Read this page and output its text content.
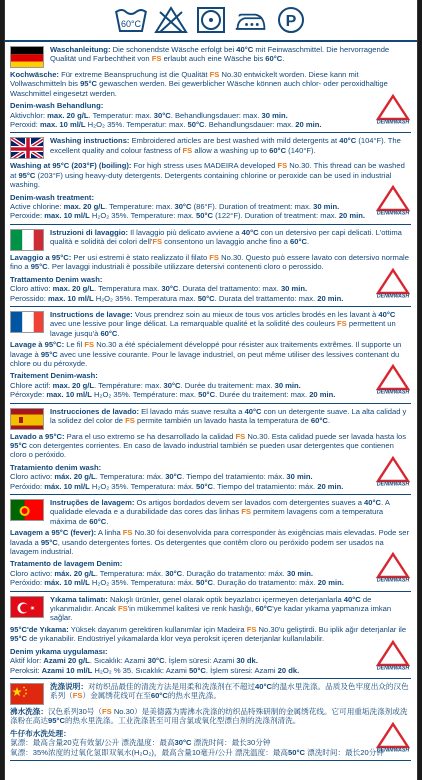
60°C	P
Waschanleitung: Die schonendste Wäsche erfolgt bei 40°C mit Feinwaschmittel. Die hervorragende Qualität und Farbechtheit von FS erlaubt auch eine Wäsche bis 60°C.
Kochwäsche: Für extreme Beanspruchung ist die Qualität FS No.30 entwickelt worden. Diese kann mit Vollwaschmitteln bis 95°C gewaschen werden. Bei gewerblicher Wäsche können auch chlor- oder peroxidhaltige Waschmittel eingesetzt werden.
Denim-wash Behandlung:
Aktivchlor: max. 20 g/L. Temperatur: max. 30°C. Behandlungsdauer: max. 30 min.
Peroxid: max. 10 ml/L H₂O₂ 35%. Temperatur: max. 50°C. Behandlungsdauer: max. 20 min.	DENIMWASH
Washing instructions: Embroidered articles are best washed with mild detergents at 40°C (104°F). The excellent quality and colour fastness of FS allow a washing up to 60°C (140°F).
Washing at 95°C (203°F) (boiling): For high stress uses MADEIRA developed FS No.30. This thread can be washed at 95°C (203°F) using heavy-duty detergents. Detergents containing chlorine or peroxide can be used in industrial washing.
Denim-wash treatment:
Active chlorine: max. 20 g/L. Temperature: max. 30°C (86°F). Duration of treatment: max. 30 min.
Peroxide: max. 10 ml/L H₂O₂ 35%. Temperature: max. 50°C (122°F). Duration of treatment: max. 20 min.	DENIMWASH
Istruzioni di lavaggio: Il lavaggio più delicato avviene a 40°C con un detersivo per capi delicati. L'ottima qualità e solidità dei colori dell'FS consentono un lavaggio anche fino a 60°C.
Lavaggio a 95°C: Per usi estremi è stato realizzato il filato FS No.30. Questo può essere lavato con detersivo normale fino a 95°C. Per lavaggi industriali è possibile utilizzare detersivi contenenti cloro o perossido.
Trattamento Denim wash:
Cloro attivo: max. 20 g/L. Temperatura max. 30°C. Durata del trattamento: max. 30 min.
Perossido: max. 10 ml/L H₂O₂ 35%. Temperatura max. 50°C. Durata del trattamento: max. 20 min.	DENIMWASH
Instructions de lavage: Vous prendrez soin au mieux de tous vos articles brodés en les lavant à 40°C avec une lessive pour linge délicat. La remarquable qualité et la solidité des couleurs FS permettent un lavage jusqu'à 60°C.
Lavage à 95°C: Le fil FS No.30 a été spécialement développé pour résister aux traitements extrêmes. Il supporte un lavage à 95°C avec une lessive courante. Pour le lavage industriel, on peut même utiliser des lessives contenant du chlore ou du péroxyde.
Traitement Denim-wash:
Chlore actif: max. 20 g/L. Température: max. 30°C. Durée du traitement: max. 30 min.
Péroxyde: max. 10 ml/L H₂O₂ 35%. Température: max. 50°C. Durée du traitement: max. 20 min.	DENIMWASH
Instrucciones de lavado: El lavado más suave resulta a 40°C con un detergente suave. La alta calidad y la solidez del color de FS permite también un lavado hasta la temperatura de 60°C.
Lavado a 95°C: Para el uso extremo se ha desarrollado la calidad FS No.30. Esta calidad puede ser lavada hasta los 95°C con detergentes corrientes. En caso de lavado industrial también se pueden usar detergentes que contienen cloro o peróxido.
Tratamiento denim wash:
Cloro activo: máx. 20 g/L. Temperatura: máx. 30°C. Tiempo del tratamiento: máx. 30 min.
Peróxido: máx. 10 ml/L H₂O₂ 35%. Temperatura: máx. 50°C. Tiempo del tratamiento: máx. 20 min.	DENIMWASH
Instruções de lavagem: Os artigos bordados devem ser lavados com detergentes suaves a 40°C. A qualidade elevada e a durabilidade das cores das linhas FS permitem lavagens com a temperatura máxima de 60°C.
Lavagem a 95°C (fever): A linha FS No.30 foi desenvolvida para corresponder às exigências mais elevadas. Pode ser lavada a 95°C, usando detergentes fortes. Os detergentes que contêm cloro ou peróxido podem ser usados na lavagem industrial.
Tratamento de lavagem Denim:
Cloro activo: máx. 20 g/L. Temperatura: máx. 30°C. Duração do tratamento: máx. 30 min.
Peróxido: máx. 10 ml/L H₂O₂ 35%. Temperatura: máx. 50°C. Duração do tratamento: máx. 20 min.	DENIMWASH
Yıkama talimatı: Nakışlı ürünler, genel olarak optik beyazlatıcı içermeyen deterjanlarla 40°C de yıkanmalıdır. Ancak FS'in mükemmel kalitesi ve renk haslığı, 60°C'ye kadar yıkama yapmanıza imkan sağlar.
95°C'de Yıkama: Yüksek dayanım gerektiren kullanımlar için Madeira FS No.30'u geliştirdi. Bu iplik ağır deterjanlar ile 95°C de yıkanabilir. Endüstriyel yıkamalarda klor veya peroksit içeren deterjanlar kullanılabilir.
Denim yıkama uygulaması:
Aktif klor: Azami 20 g/L. Sıcaklık: Azami 30°C. İşlem süresi: Azami 30 dk.
Peroksit: Azami 10 ml/L H₂O₂ % 35. Sıcaklık: Azami 50°C. İşlem süresi: Azami 20 dk.	DENIMWASH
洗涤说明：对纺织品最佳的清洗方法是用柔和洗涤剂在不超过40°C的温水里洗涤。品质及色牢度出众的汉色系列（FS）金属绣花线可在至60°C的热水里洗涤。
沸水洗涤：汉色系列30号（FS No.30）是美德露为需沸水洗涤的纺织品特殊研制的金属绣花线。它可用重垢洗涤剂或洗涤粉在高达95°C的热水里洗涤。工业洗涤甚至可用含氯或氧化型漂白剂的洗涤剂清洗。
牛仔布水洗处理：
氯漂：最高含量20克有效氯/公升 漂洗温度：最高30°C 漂洗时间：最长30分钟
氧漂：35%浓度的过氧化氢即双氧水(H₂O₂)，最高含量10毫升/公升 漂洗温度：最高50°C 漂洗时间：最长20分钟
DENIMWASH
